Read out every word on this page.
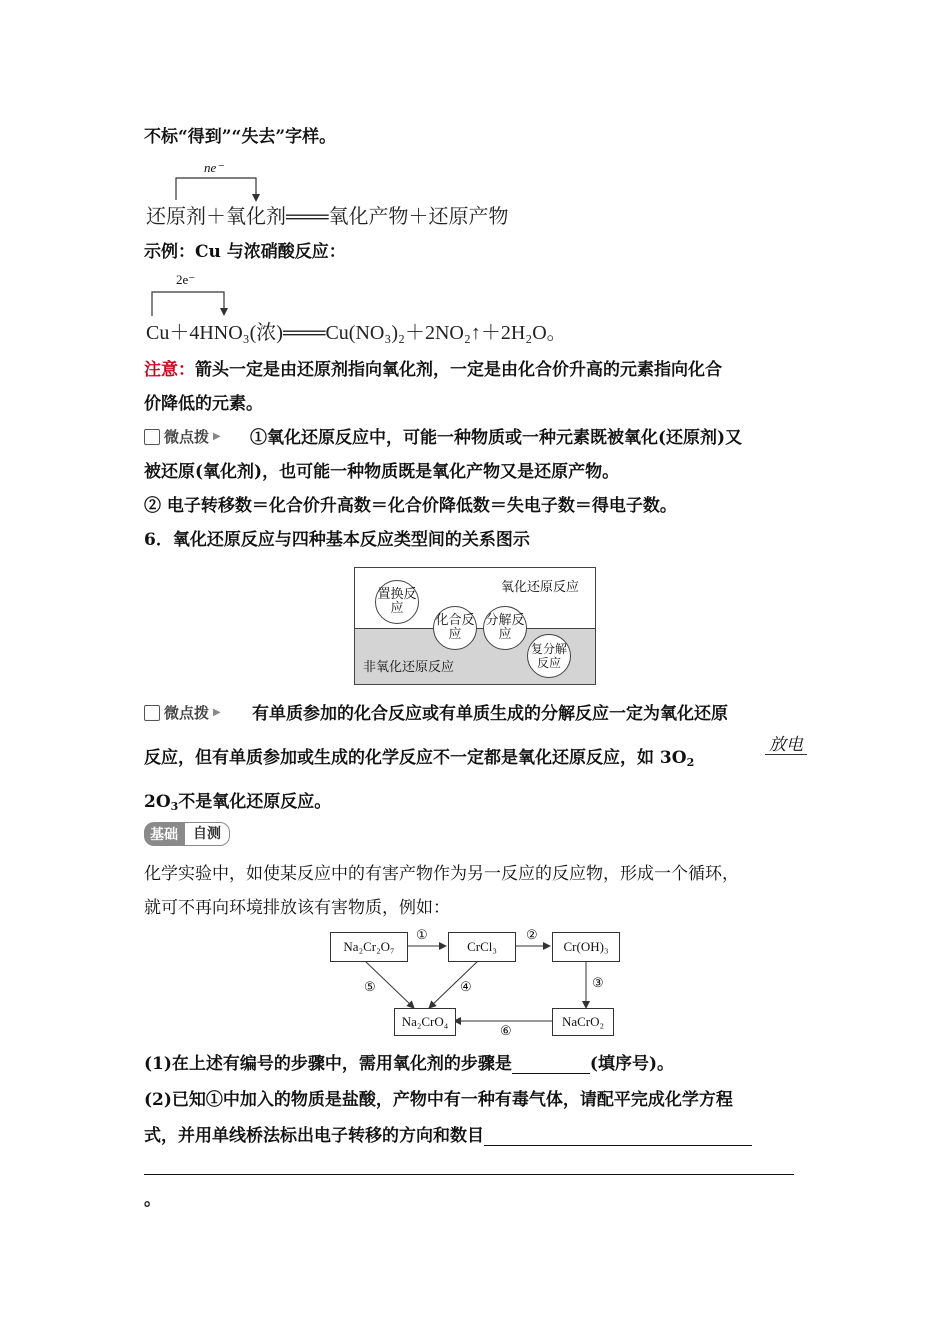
不标“得到”“失去”字样。
ne⁻
还原剂＋氧化剂═══氧化产物＋还原产物
示例：Cu 与浓硝酸反应：
2e⁻
Cu＋4HNO₃(浓)═══Cu(NO₃)₂＋2NO₂↑＋2H₂O。
注意：箭头一定是由还原剂指向氧化剂，一定是由化合价升高的元素指向化合
价降低的元素。
微点拨 ▶ ①氧化还原反应中，可能一种物质或一种元素既被氧化(还原剂)又
被还原(氧化剂)，也可能一种物质既是氧化产物又是还原产物。
② 电子转移数＝化合价升高数＝化合价降低数＝失电子数＝得电子数。
6．氧化还原反应与四种基本反应类型间的关系图示
氧化还原反应
非氧化还原反应
置换反应
化合反应
分解反应
复分解反应
微点拨 ▶ 有单质参加的化合反应或有单质生成的分解反应一定为氧化还原
反应，但有单质参加或生成的化学反应不一定都是氧化还原反应，如 3O2
放电
2O3不是氧化还原反应。
基础	自测
化学实验中，如使某反应中的有害产物作为另一反应的反应物，形成一个循环，
就可不再向环境排放该有害物质，例如：
Na₂Cr₂O₇	CrCl₃	Cr(OH)₃
Na₂CrO₄	NaCrO₂
①	②
③
④
⑤
⑥
(1)在上述有编号的步骤中，需用氧化剂的步骤是	(填序号)。
(2)已知①中加入的物质是盐酸，产物中有一种有毒气体，请配平完成化学方程
式，并用单线桥法标出电子转移的方向和数目
。
